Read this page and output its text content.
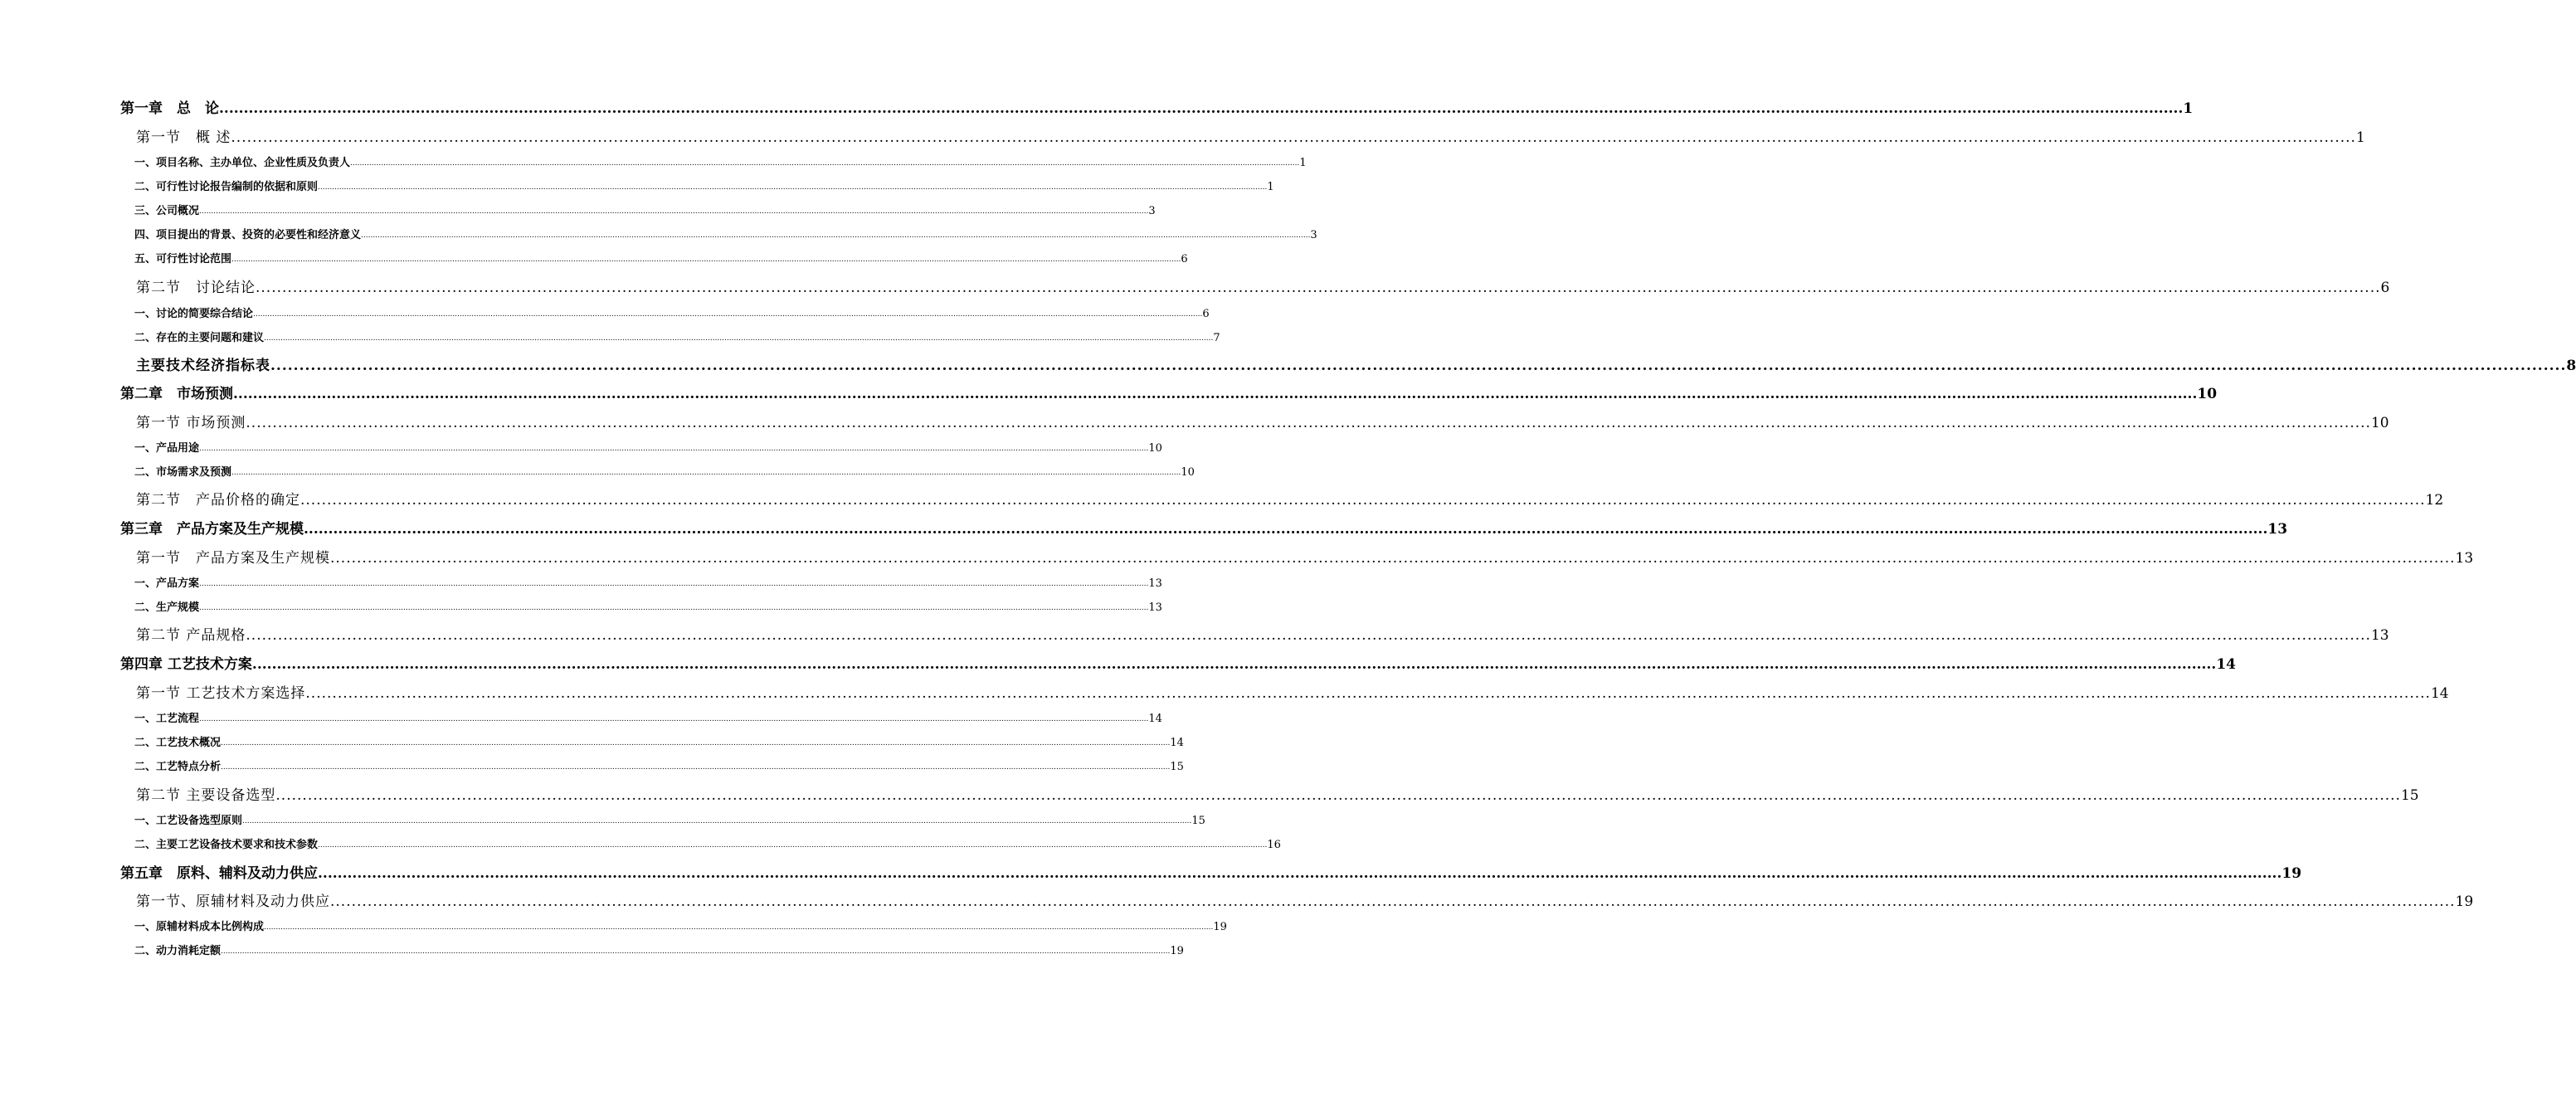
第一章　总　论 ................................................................................................................................................................................................................................................................................................................................................................................................................ 1
第一节　概 述 ................................................................................................................................................................................................................................................................................................................................................................................................................ 1
一、项目名称、主办单位、企业性质及负责人 ................................................................................................................................................................................................................................................................................................................................................................................................................ 1
二、可行性讨论报告编制的依据和原则 ................................................................................................................................................................................................................................................................................................................................................................................................................ 1
三、公司概况 ................................................................................................................................................................................................................................................................................................................................................................................................................ 3
四、项目提出的背景、投资的必要性和经济意义 ................................................................................................................................................................................................................................................................................................................................................................................................................ 3
五、可行性讨论范围 ................................................................................................................................................................................................................................................................................................................................................................................................................ 6
第二节　讨论结论 ................................................................................................................................................................................................................................................................................................................................................................................................................ 6
一、讨论的简要综合结论 ................................................................................................................................................................................................................................................................................................................................................................................................................ 6
二、存在的主要问题和建议 ................................................................................................................................................................................................................................................................................................................................................................................................................ 7
主要技术经济指标表 ................................................................................................................................................................................................................................................................................................................................................................................................................ 8
第二章　市场预测 ................................................................................................................................................................................................................................................................................................................................................................................................................ 10
第一节 市场预测 ................................................................................................................................................................................................................................................................................................................................................................................................................ 10
一、产品用途 ................................................................................................................................................................................................................................................................................................................................................................................................................ 10
二、市场需求及预测 ................................................................................................................................................................................................................................................................................................................................................................................................................ 10
第二节　产品价格的确定 ................................................................................................................................................................................................................................................................................................................................................................................................................ 12
第三章　产品方案及生产规模 ................................................................................................................................................................................................................................................................................................................................................................................................................ 13
第一节　产品方案及生产规模 ................................................................................................................................................................................................................................................................................................................................................................................................................ 13
一、产品方案 ................................................................................................................................................................................................................................................................................................................................................................................................................ 13
二、生产规模 ................................................................................................................................................................................................................................................................................................................................................................................................................ 13
第二节 产品规格 ................................................................................................................................................................................................................................................................................................................................................................................................................ 13
第四章 工艺技术方案 ................................................................................................................................................................................................................................................................................................................................................................................................................ 14
第一节 工艺技术方案选择 ................................................................................................................................................................................................................................................................................................................................................................................................................ 14
一、工艺流程 ................................................................................................................................................................................................................................................................................................................................................................................................................ 14
二、工艺技术概况 ................................................................................................................................................................................................................................................................................................................................................................................................................ 14
二、工艺特点分析 ................................................................................................................................................................................................................................................................................................................................................................................................................ 15
第二节 主要设备选型 ................................................................................................................................................................................................................................................................................................................................................................................................................ 15
一、工艺设备选型原则 ................................................................................................................................................................................................................................................................................................................................................................................................................ 15
二、主要工艺设备技术要求和技术参数 ................................................................................................................................................................................................................................................................................................................................................................................................................ 16
第五章　原料、辅料及动力供应 ................................................................................................................................................................................................................................................................................................................................................................................................................ 19
第一节、原辅材料及动力供应 ................................................................................................................................................................................................................................................................................................................................................................................................................ 19
一、原辅材料成本比例构成 ................................................................................................................................................................................................................................................................................................................................................................................................................ 19
二、动力消耗定额 ................................................................................................................................................................................................................................................................................................................................................................................................................ 19
